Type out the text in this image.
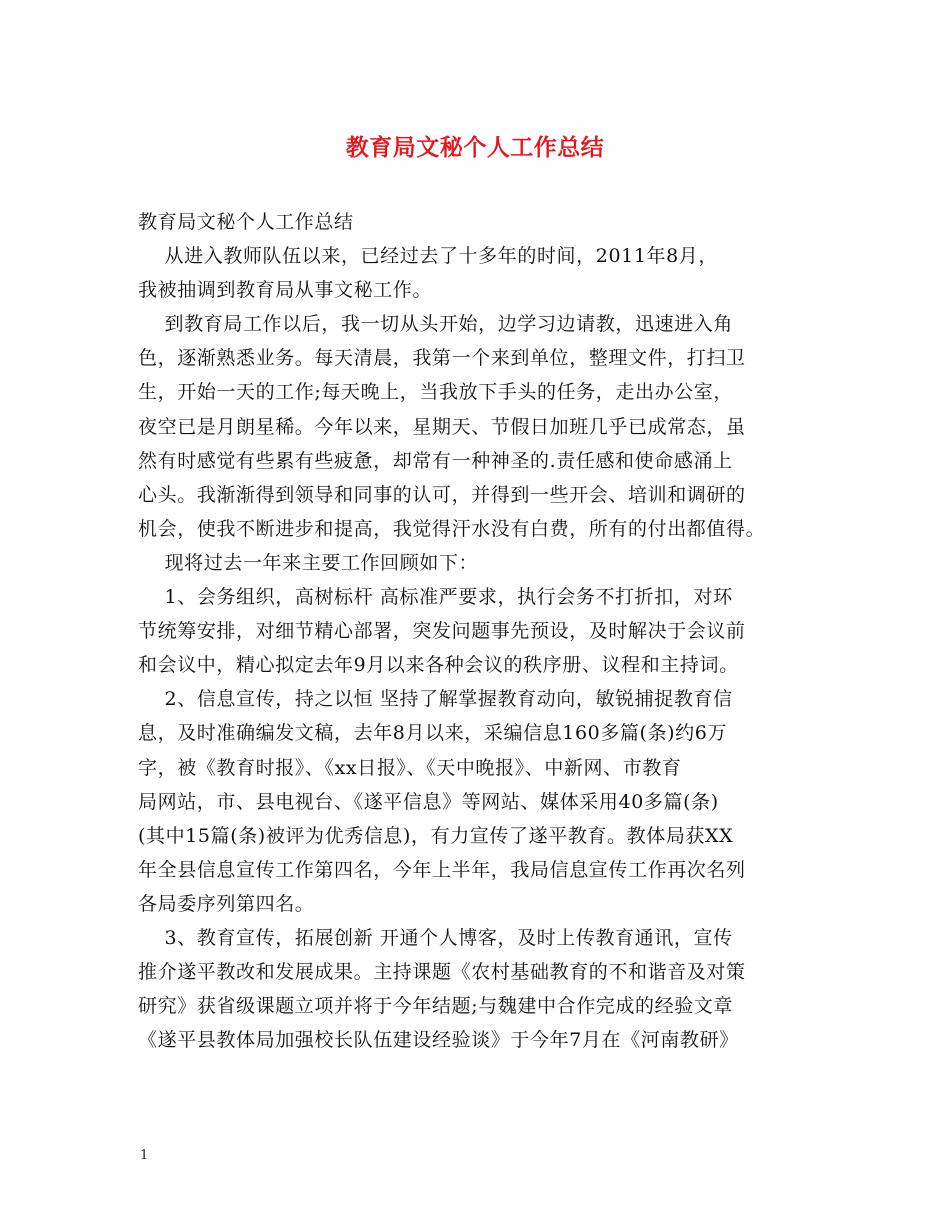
教育局文秘个人工作总结

教育局文秘个人工作总结

从进入教师队伍以来，已经过去了十多年的时间，2011年8月，

我被抽调到教育局从事文秘工作。

到教育局工作以后，我一切从头开始，边学习边请教，迅速进入角

色，逐渐熟悉业务。每天清晨，我第一个来到单位，整理文件，打扫卫

生，开始一天的工作;每天晚上，当我放下手头的任务，走出办公室，

夜空已是月朗星稀。今年以来，星期天、节假日加班几乎已成常态，虽

然有时感觉有些累有些疲惫，却常有一种神圣的.责任感和使命感涌上

心头。我渐渐得到领导和同事的认可，并得到一些开会、培训和调研的

机会，使我不断进步和提高，我觉得汗水没有白费，所有的付出都值得。

现将过去一年来主要工作回顾如下：

1、会务组织，高树标杆 高标准严要求，执行会务不打折扣，对环

节统筹安排，对细节精心部署，突发问题事先预设，及时解决于会议前

和会议中，精心拟定去年9月以来各种会议的秩序册、议程和主持词。

2、信息宣传，持之以恒 坚持了解掌握教育动向，敏锐捕捉教育信

息，及时准确编发文稿，去年8月以来，采编信息160多篇(条)约6万

字，被《教育时报》、《xx日报》、《天中晚报》、中新网、市教育

局网站，市、县电视台、《遂平信息》等网站、媒体采用40多篇(条)

(其中15篇(条)被评为优秀信息)，有力宣传了遂平教育。教体局获XX

年全县信息宣传工作第四名，今年上半年，我局信息宣传工作再次名列

各局委序列第四名。

3、教育宣传，拓展创新 开通个人博客，及时上传教育通讯，宣传

推介遂平教改和发展成果。主持课题《农村基础教育的不和谐音及对策

研究》获省级课题立项并将于今年结题;与魏建中合作完成的经验文章

《遂平县教体局加强校长队伍建设经验谈》于今年7月在《河南教研》

1
